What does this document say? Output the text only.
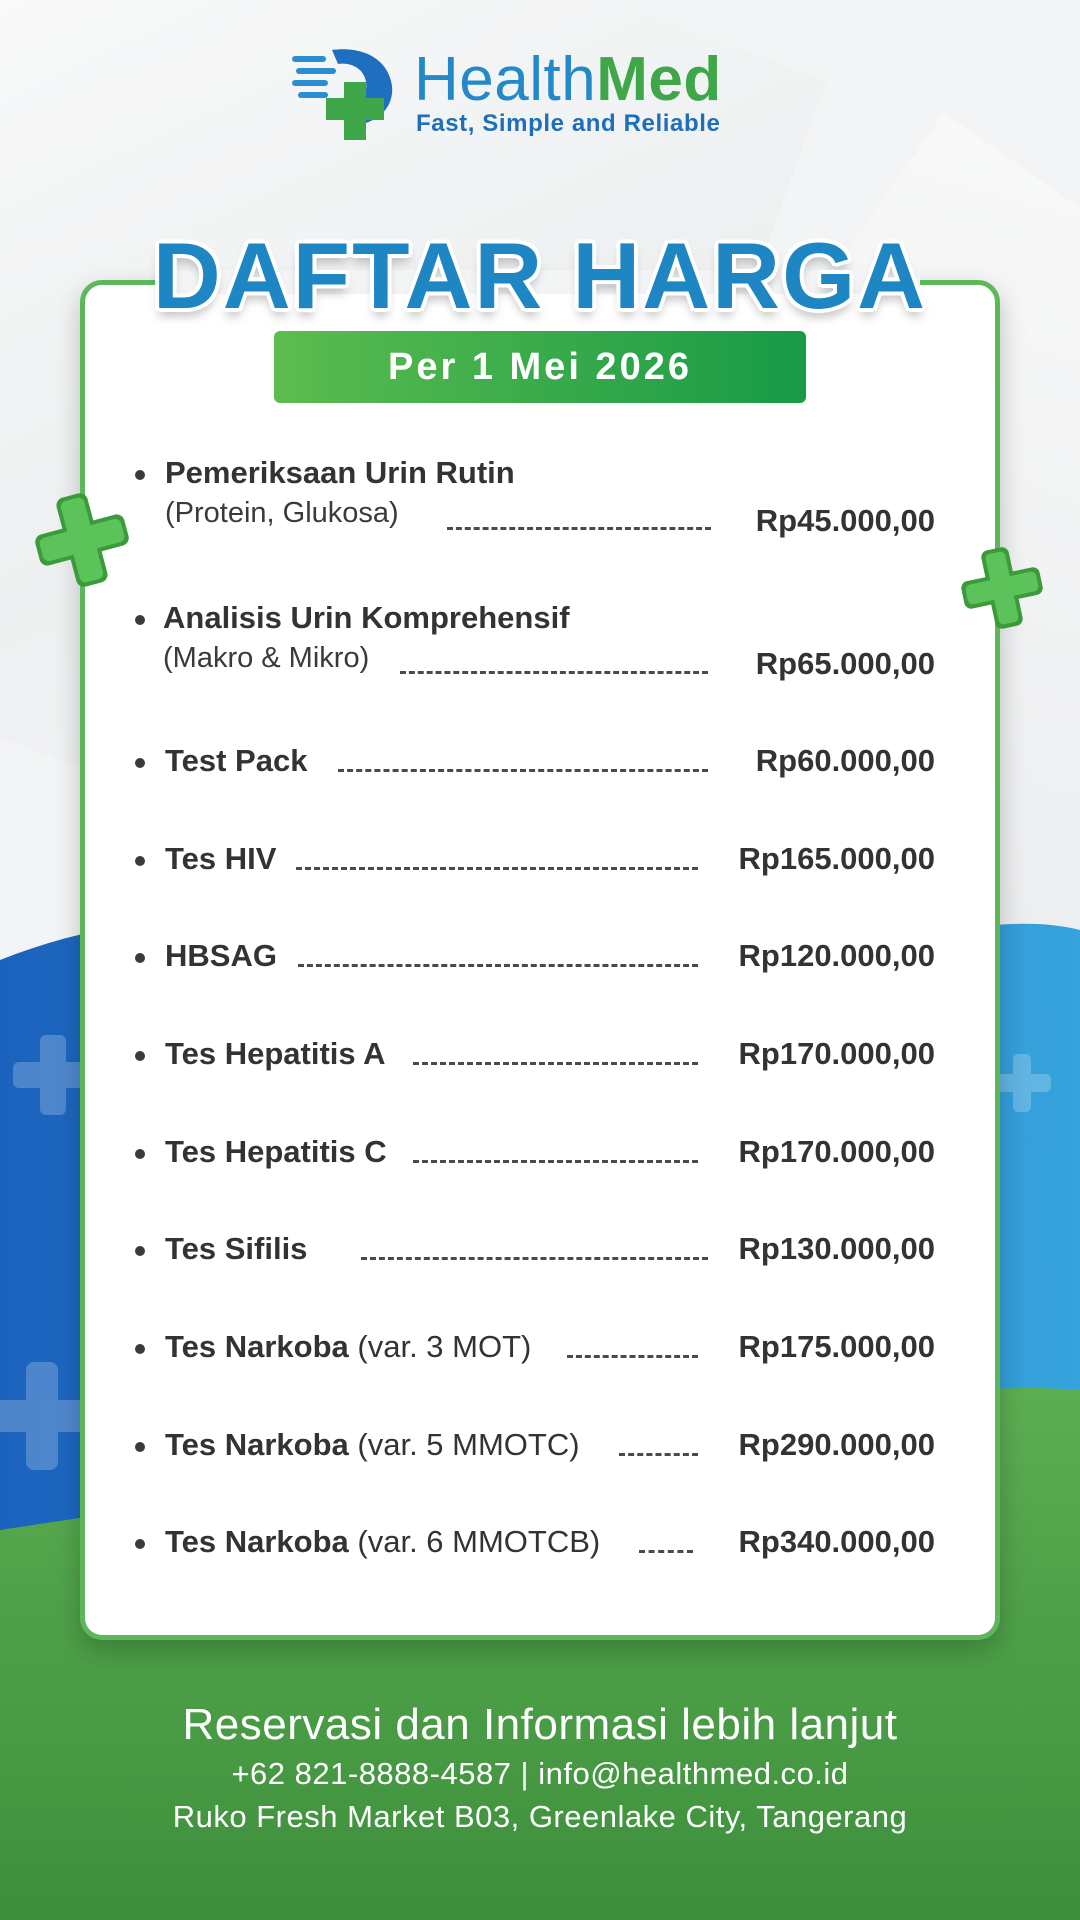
HealthMed
Fast, Simple and Reliable
DAFTAR HARGA
Per 1 Mei 2026
Pemeriksaan Urin Rutin
(Protein, Glukosa)	Rp45.000,00
Analisis Urin Komprehensif
(Makro & Mikro)	Rp65.000,00
Test Pack	Rp60.000,00
Tes HIV	Rp165.000,00
HBSAG	Rp120.000,00
Tes Hepatitis A	Rp170.000,00
Tes Hepatitis C	Rp170.000,00
Tes Sifilis	Rp130.000,00
Tes Narkoba (var. 3 MOT)	Rp175.000,00
Tes Narkoba (var. 5 MMOTC)	Rp290.000,00
Tes Narkoba (var. 6 MMOTCB)	Rp340.000,00
Reservasi dan Informasi lebih lanjut
+62 821-8888-4587 | info@healthmed.co.id
Ruko Fresh Market B03, Greenlake City, Tangerang
